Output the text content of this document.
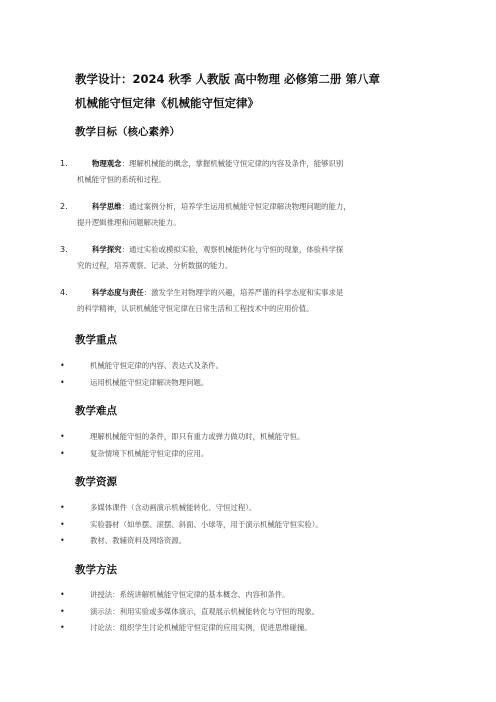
教学设计：2024 秋季 人教版 高中物理 必修第二册 第八章
机械能守恒定律《机械能守恒定律》
教学目标（核心素养）
1.	物理观念：理解机械能的概念，掌握机械能守恒定律的内容及条件，能够识别
机械能守恒的系统和过程。
2.	科学思维：通过案例分析，培养学生运用机械能守恒定律解决物理问题的能力，
提升逻辑推理和问题解决能力。
3.	科学探究：通过实验或模拟实验，观察机械能转化与守恒的现象，体验科学探
究的过程，培养观察、记录、分析数据的能力。
4.	科学态度与责任：激发学生对物理学的兴趣，培养严谨的科学态度和实事求是
的科学精神，认识机械能守恒定律在日常生活和工程技术中的应用价值。
教学重点
•	机械能守恒定律的内容、表达式及条件。
•	运用机械能守恒定律解决物理问题。
教学难点
•	理解机械能守恒的条件，即只有重力或弹力做功时，机械能守恒。
•	复杂情境下机械能守恒定律的应用。
教学资源
•	多媒体课件（含动画演示机械能转化、守恒过程）。
•	实验器材（如单摆、滚摆、斜面、小球等，用于演示机械能守恒实验）。
•	教材、教辅资料及网络资源。
教学方法
•	讲授法：系统讲解机械能守恒定律的基本概念、内容和条件。
•	演示法：利用实验或多媒体演示，直观展示机械能转化与守恒的现象。
•	讨论法：组织学生讨论机械能守恒定律的应用实例，促进思维碰撞。
